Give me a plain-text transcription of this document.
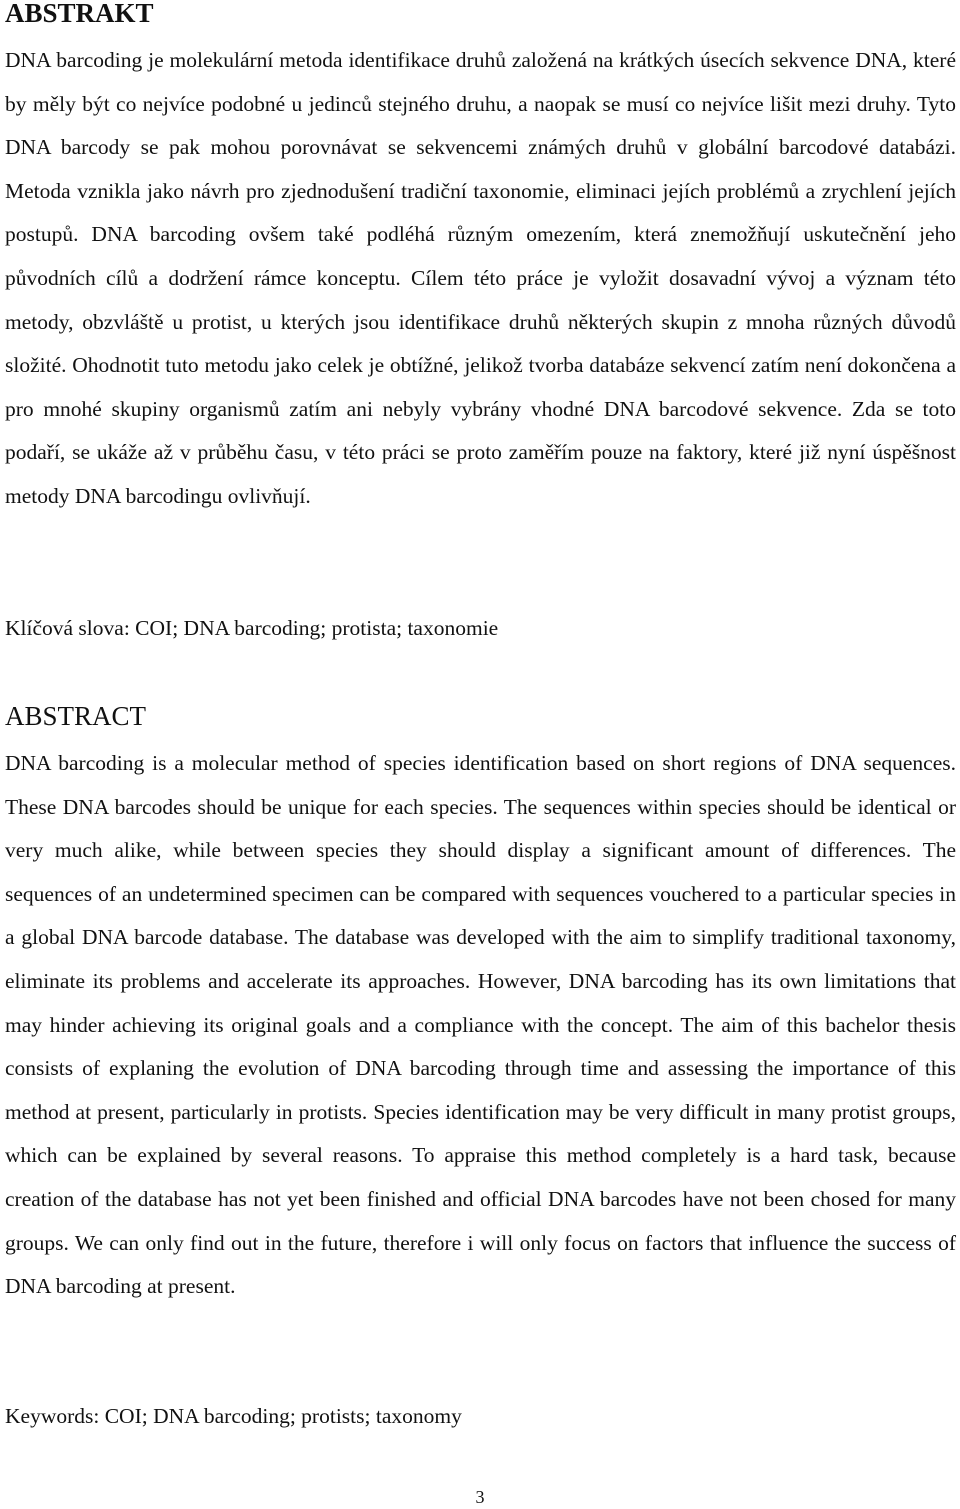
ABSTRAKT

DNA barcoding je molekulární metoda identifikace druhů založená na krátkých úsecích sekvence DNA, které by měly být co nejvíce podobné u jedinců stejného druhu, a naopak se musí co nejvíce lišit mezi druhy. Tyto DNA barcody se pak mohou porovnávat se sekvencemi známých druhů v globální barcodové databázi. Metoda vznikla jako návrh pro zjednodušení tradiční taxonomie, eliminaci jejích problémů a zrychlení jejích postupů. DNA barcoding ovšem také podléhá různým omezením, která znemožňují uskutečnění jeho původních cílů a dodržení rámce konceptu. Cílem této práce je vyložit dosavadní vývoj a význam této metody, obzvláště u protist, u kterých jsou identifikace druhů některých skupin z mnoha různých důvodů složité. Ohodnotit tuto metodu jako celek je obtížné, jelikož tvorba databáze sekvencí zatím není dokončena a pro mnohé skupiny organismů zatím ani nebyly vybrány vhodné DNA barcodové sekvence. Zda se toto podaří, se ukáže až v průběhu času, v této práci se proto zaměřím pouze na faktory, které již nyní úspěšnost metody DNA barcodingu ovlivňují.

Klíčová slova: COI; DNA barcoding; protista; taxonomie

ABSTRACT

DNA barcoding is a molecular method of species identification based on short regions of DNA sequences. These DNA barcodes should be unique for each species. The sequences within species should be identical or very much alike, while between species they should display a significant amount of differences. The sequences of an undetermined specimen can be compared with sequences vouchered to a particular species in a global DNA barcode database. The database was developed with the aim to simplify traditional taxonomy, eliminate its problems and accelerate its approaches. However, DNA barcoding has its own limitations that may hinder achieving its original goals and a compliance with the concept. The aim of this bachelor thesis consists of explaning the evolution of DNA barcoding through time and assessing the importance of this method at present, particularly in protists. Species identification may be very difficult in many protist groups, which can be explained by several reasons. To appraise this method completely is a hard task, because creation of the database has not yet been finished and official DNA barcodes have not been chosed for many groups. We can only find out in the future, therefore i will only focus on factors that influence the success of DNA barcoding at present.

Keywords: COI; DNA barcoding; protists; taxonomy

3
